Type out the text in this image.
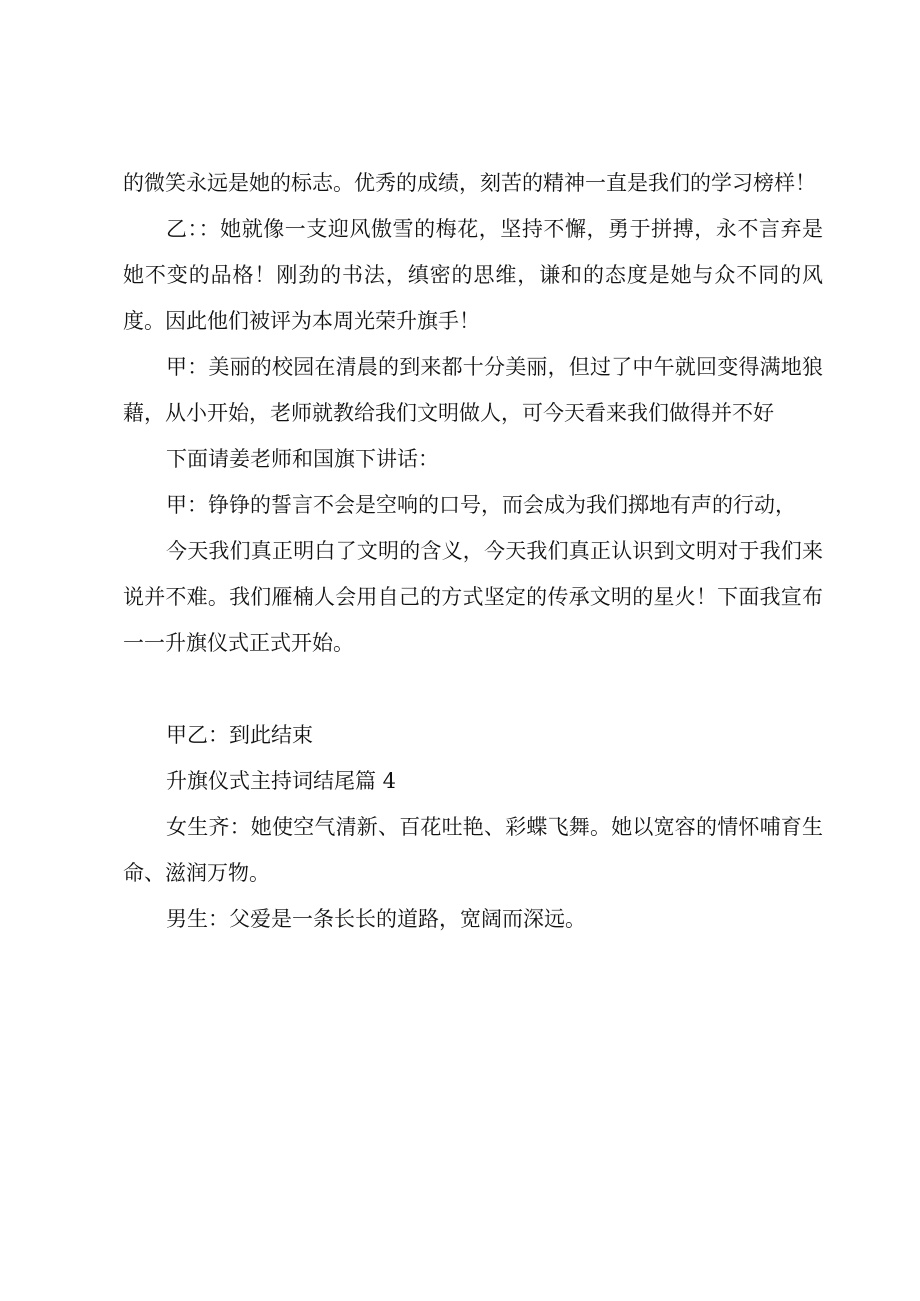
的微笑永远是她的标志。优秀的成绩，刻苦的精神一直是我们的学习榜样！

乙：：她就像一支迎风傲雪的梅花，坚持不懈，勇于拼搏，永不言弃是她不变的品格！刚劲的书法，缜密的思维，谦和的态度是她与众不同的风度。因此他们被评为本周光荣升旗手！

甲：美丽的校园在清晨的到来都十分美丽，但过了中午就回变得满地狼藉，从小开始，老师就教给我们文明做人，可今天看来我们做得并不好

下面请姜老师和国旗下讲话：

甲：铮铮的誓言不会是空响的口号，而会成为我们掷地有声的行动，

今天我们真正明白了文明的含义，今天我们真正认识到文明对于我们来说并不难。我们雁楠人会用自己的方式坚定的传承文明的星火！下面我宣布一一升旗仪式正式开始。

甲乙：到此结束

升旗仪式主持词结尾篇 4

女生齐：她使空气清新、百花吐艳、彩蝶飞舞。她以宽容的情怀哺育生命、滋润万物。

男生：父爱是一条长长的道路，宽阔而深远。
